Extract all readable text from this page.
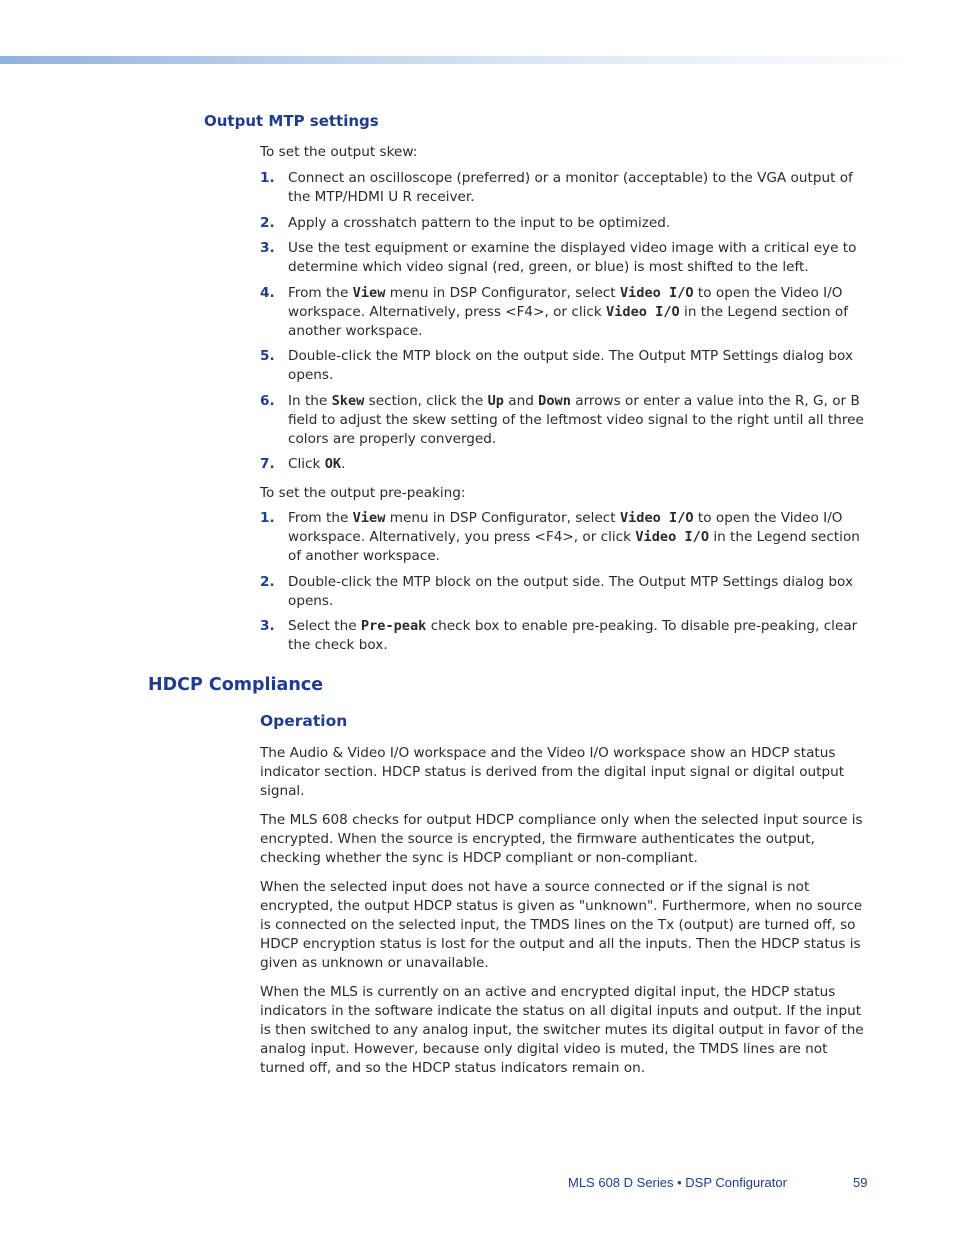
Output MTP settings

To set the output skew:

1. Connect an oscilloscope (preferred) or a monitor (acceptable) to the VGA output of the MTP/HDMI U R receiver.
2. Apply a crosshatch pattern to the input to be optimized.
3. Use the test equipment or examine the displayed video image with a critical eye to determine which video signal (red, green, or blue) is most shifted to the left.
4. From the View menu in DSP Configurator, select Video I/O to open the Video I/O workspace. Alternatively, press <F4>, or click Video I/O in the Legend section of another workspace.
5. Double-click the MTP block on the output side. The Output MTP Settings dialog box opens.
6. In the Skew section, click the Up and Down arrows or enter a value into the R, G, or B field to adjust the skew setting of the leftmost video signal to the right until all three colors are properly converged.
7. Click OK.

To set the output pre-peaking:

1. From the View menu in DSP Configurator, select Video I/O to open the Video I/O workspace. Alternatively, you press <F4>, or click Video I/O in the Legend section of another workspace.
2. Double-click the MTP block on the output side. The Output MTP Settings dialog box opens.
3. Select the Pre-peak check box to enable pre-peaking. To disable pre-peaking, clear the check box.
HDCP Compliance
Operation

The Audio & Video I/O workspace and the Video I/O workspace show an HDCP status indicator section. HDCP status is derived from the digital input signal or digital output signal.

The MLS 608 checks for output HDCP compliance only when the selected input source is encrypted. When the source is encrypted, the firmware authenticates the output, checking whether the sync is HDCP compliant or non-compliant.

When the selected input does not have a source connected or if the signal is not encrypted, the output HDCP status is given as "unknown". Furthermore, when no source is connected on the selected input, the TMDS lines on the Tx (output) are turned off, so HDCP encryption status is lost for the output and all the inputs. Then the HDCP status is given as unknown or unavailable.

When the MLS is currently on an active and encrypted digital input, the HDCP status indicators in the software indicate the status on all digital inputs and output. If the input is then switched to any analog input, the switcher mutes its digital output in favor of the analog input. However, because only digital video is muted, the TMDS lines are not turned off, and so the HDCP status indicators remain on.

MLS 608 D Series • DSP Configurator	59
